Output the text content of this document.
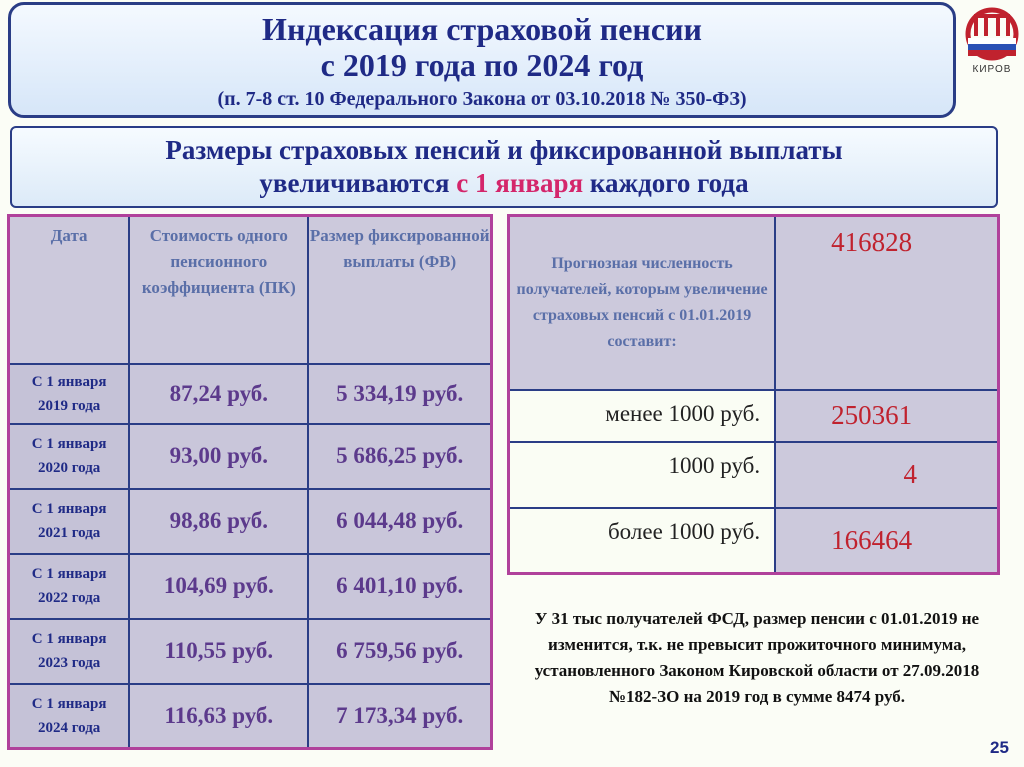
Индексация страховой пенсии
с 2019 года по 2024 год
(п. 7-8 ст. 10 Федерального Закона от 03.10.2018 № 350-ФЗ)
КИРОВ
Размеры страховых пенсий и фиксированной выплаты
увеличиваются с 1 января каждого года
Дата	Стоимость одного пенсионного коэффициента (ПК)	Размер фиксированной выплаты (ФВ)
С 1 января
2019 года	87,24 руб.	5 334,19 руб.
С 1 января
2020 года	93,00 руб.	5 686,25 руб.
С 1 января
2021 года	98,86 руб.	6 044,48 руб.
С 1 января
2022 года	104,69 руб.	6 401,10 руб.
С 1 января
2023 года	110,55 руб.	6 759,56 руб.
С 1 января
2024 года	116,63 руб.	7 173,34 руб.
Прогнозная численность получателей, которым увеличение страховых пенсий с 01.01.2019 составит:	416828
менее 1000 руб.	250361
1000 руб.	4
более 1000 руб.	166464
У 31 тыс получателей ФСД, размер пенсии с 01.01.2019 не изменится, т.к. не превысит прожиточного минимума, установленного Законом Кировской области от 27.09.2018 №182-ЗО на 2019 год в сумме 8474 руб.
25
